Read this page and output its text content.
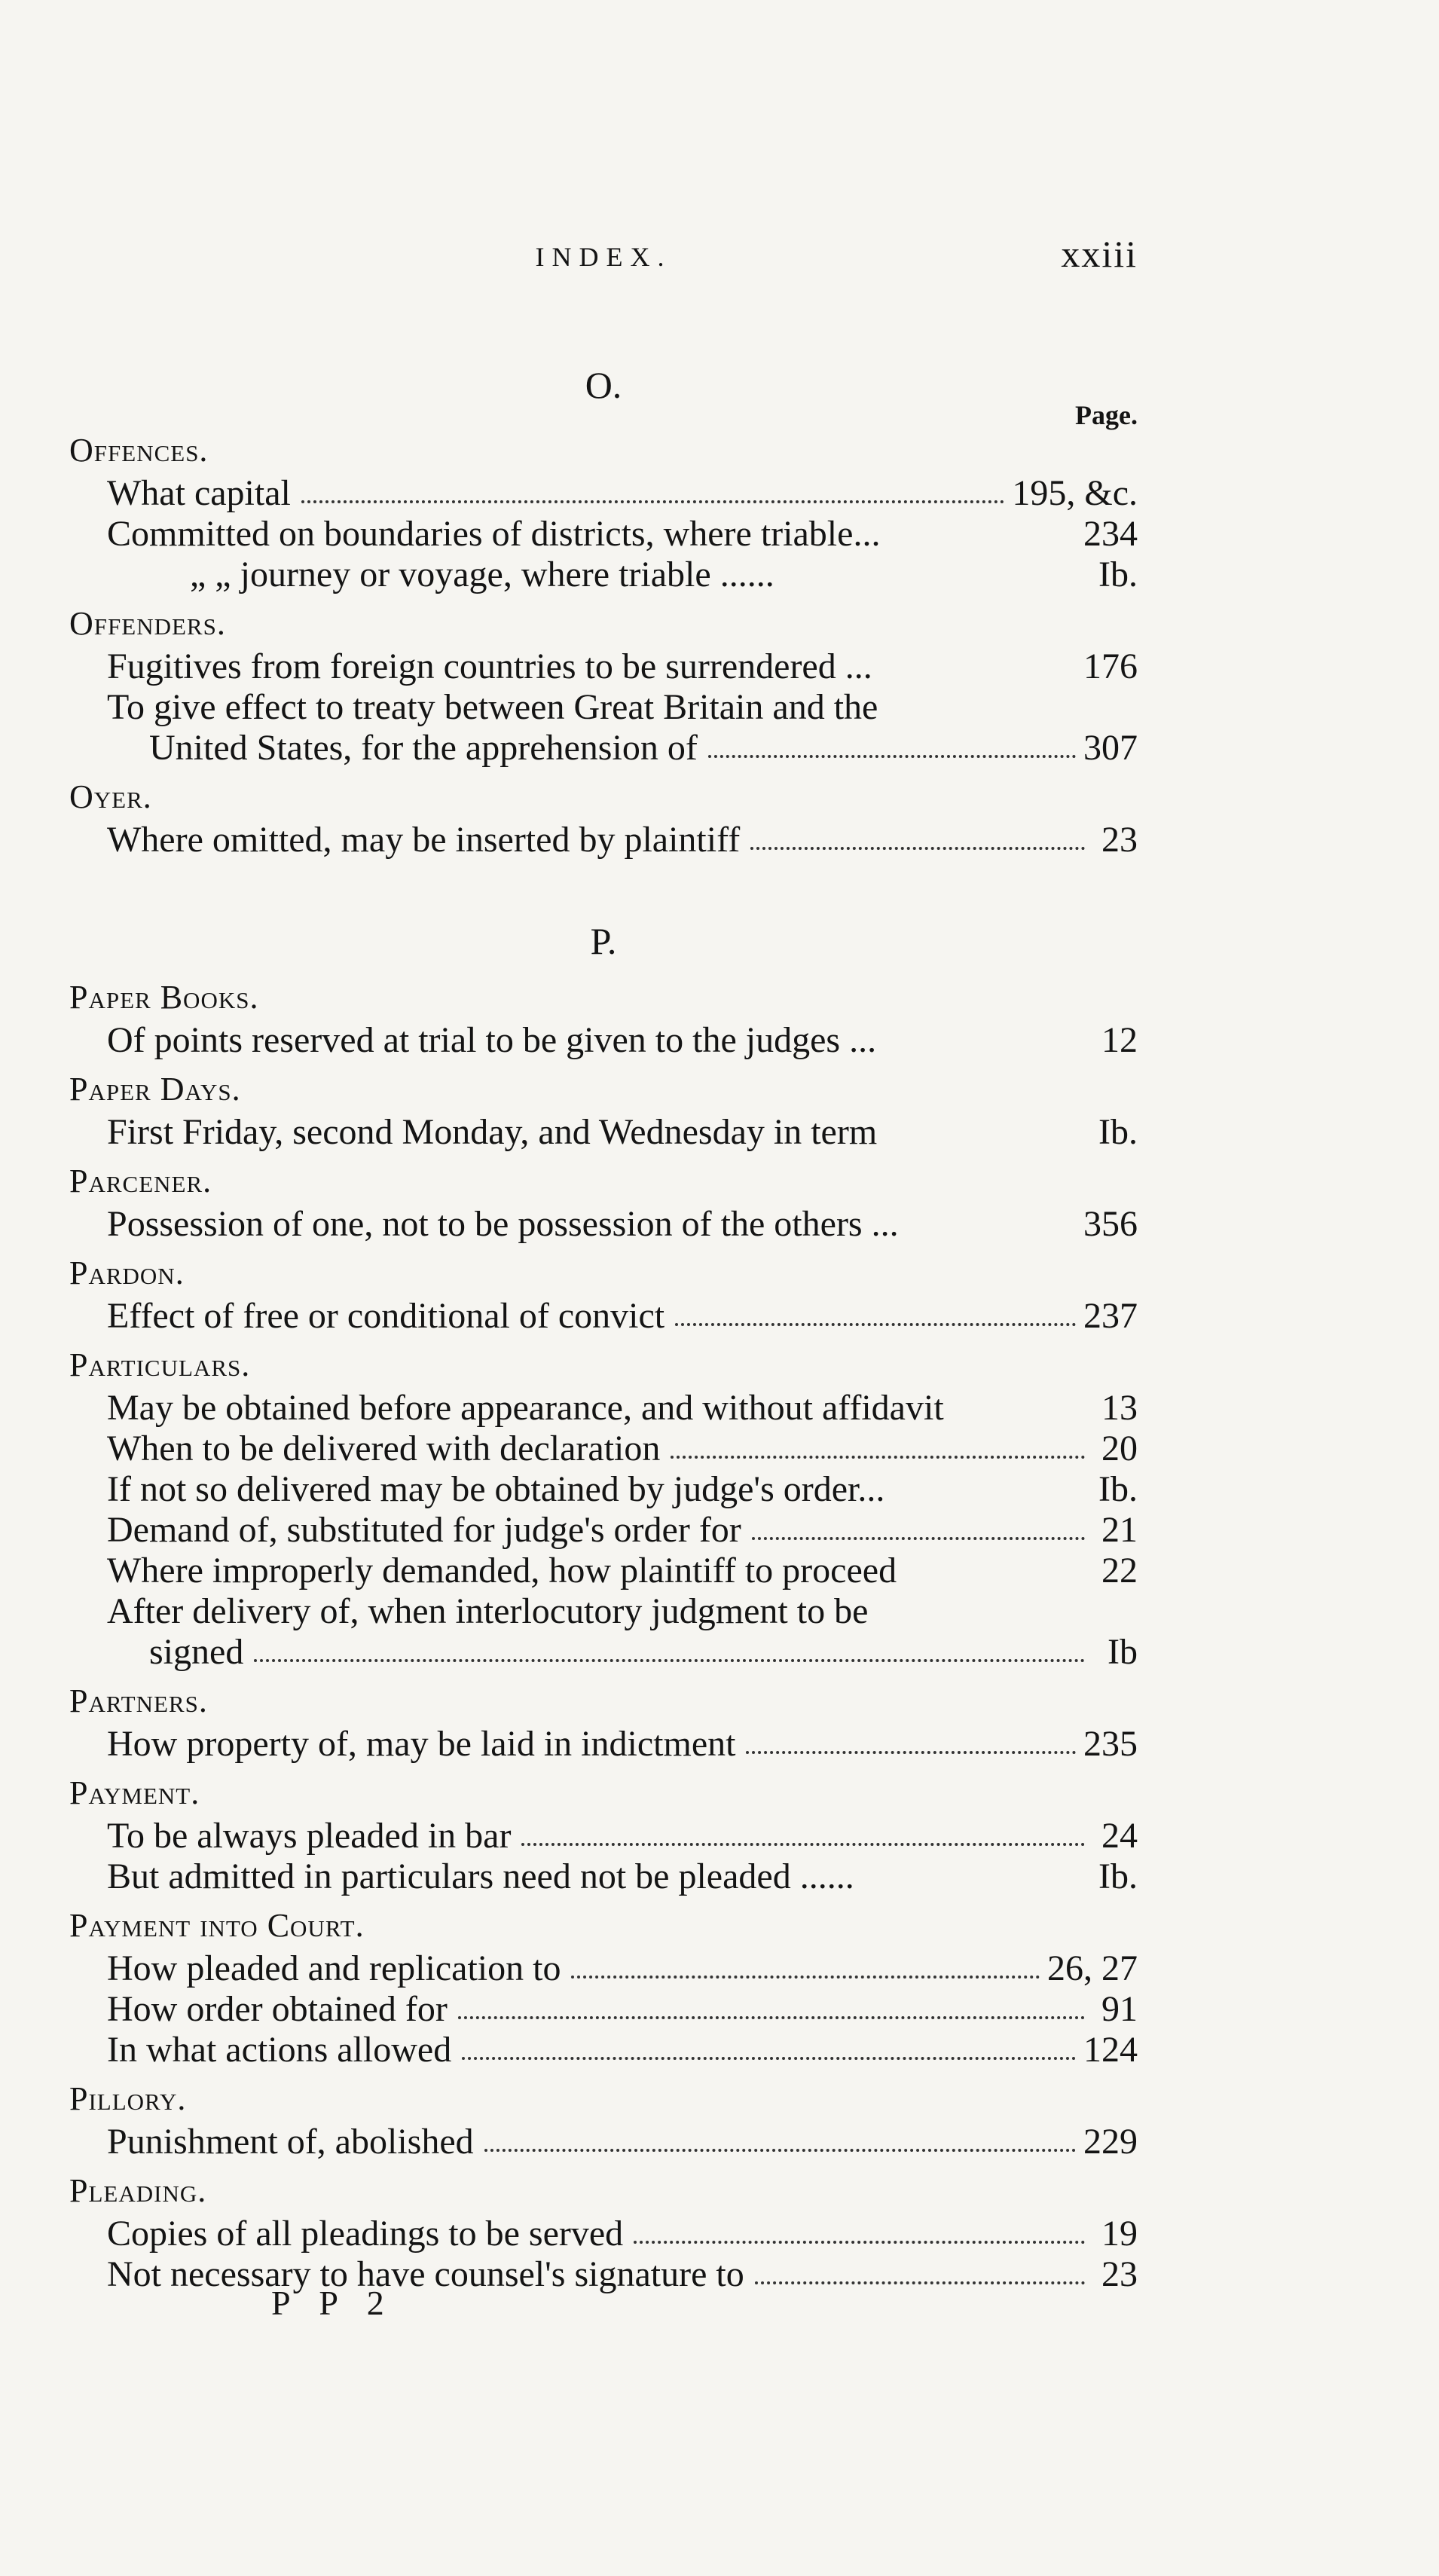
INDEX.	xxiii
O.
Page.
Offences.
What capital	195, &c.
Committed on boundaries of districts, where triable...	234
„ „ journey or voyage, where triable ......	Ib.
Offenders.
Fugitives from foreign countries to be surrendered ...	176
To give effect to treaty between Great Britain and the
United States, for the apprehension of	307
Oyer.
Where omitted, may be inserted by plaintiff	23
P.
Paper Books.
Of points reserved at trial to be given to the judges ...	12
Paper Days.
First Friday, second Monday, and Wednesday in term	Ib.
Parcener.
Possession of one, not to be possession of the others ...	356
Pardon.
Effect of free or conditional of convict	237
Particulars.
May be obtained before appearance, and without affidavit	13
When to be delivered with declaration	20
If not so delivered may be obtained by judge's order...	Ib.
Demand of, substituted for judge's order for	21
Where improperly demanded, how plaintiff to proceed	22
After delivery of, when interlocutory judgment to be
signed	Ib
Partners.
How property of, may be laid in indictment	235
Payment.
To be always pleaded in bar	24
But admitted in particulars need not be pleaded ......	Ib.
Payment into Court.
How pleaded and replication to	26, 27
How order obtained for	91
In what actions allowed	124
Pillory.
Punishment of, abolished	229
Pleading.
Copies of all pleadings to be served	19
Not necessary to have counsel's signature to	23
P P 2
